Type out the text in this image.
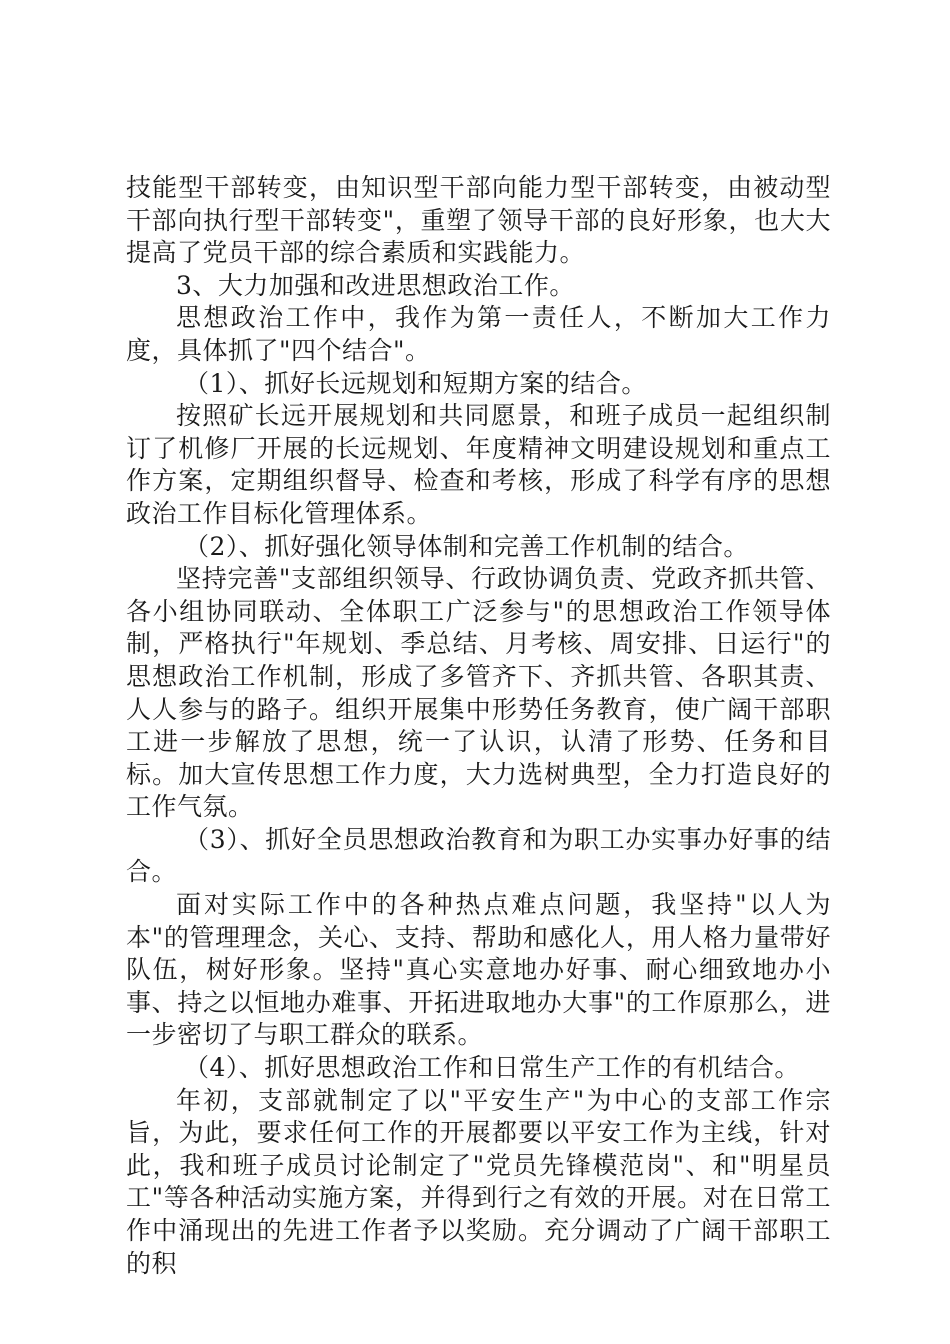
技能型干部转变，由知识型干部向能力型干部转变，由被动型干部向执行型干部转变"，重塑了领导干部的良好形象，也大大提高了党员干部的综合素质和实践能力。

3、大力加强和改进思想政治工作。

思想政治工作中，我作为第一责任人，不断加大工作力度，具体抓了"四个结合"。

（1）、抓好长远规划和短期方案的结合。

按照矿长远开展规划和共同愿景，和班子成员一起组织制订了机修厂开展的长远规划、年度精神文明建设规划和重点工作方案，定期组织督导、检查和考核，形成了科学有序的思想政治工作目标化管理体系。

（2）、抓好强化领导体制和完善工作机制的结合。

坚持完善"支部组织领导、行政协调负责、党政齐抓共管、各小组协同联动、全体职工广泛参与"的思想政治工作领导体制，严格执行"年规划、季总结、月考核、周安排、日运行"的思想政治工作机制，形成了多管齐下、齐抓共管、各职其责、人人参与的路子。组织开展集中形势任务教育，使广阔干部职工进一步解放了思想，统一了认识，认清了形势、任务和目标。加大宣传思想工作力度，大力选树典型，全力打造良好的工作气氛。

（3）、抓好全员思想政治教育和为职工办实事办好事的结合。

面对实际工作中的各种热点难点问题，我坚持"以人为本"的管理理念，关心、支持、帮助和感化人，用人格力量带好队伍，树好形象。坚持"真心实意地办好事、耐心细致地办小事、持之以恒地办难事、开拓进取地办大事"的工作原那么，进一步密切了与职工群众的联系。

（4）、抓好思想政治工作和日常生产工作的有机结合。

年初，支部就制定了以"平安生产"为中心的支部工作宗旨，为此，要求任何工作的开展都要以平安工作为主线，针对此，我和班子成员讨论制定了"党员先锋模范岗"、和"明星员工"等各种活动实施方案，并得到行之有效的开展。对在日常工作中涌现出的先进工作者予以奖励。充分调动了广阔干部职工的积
